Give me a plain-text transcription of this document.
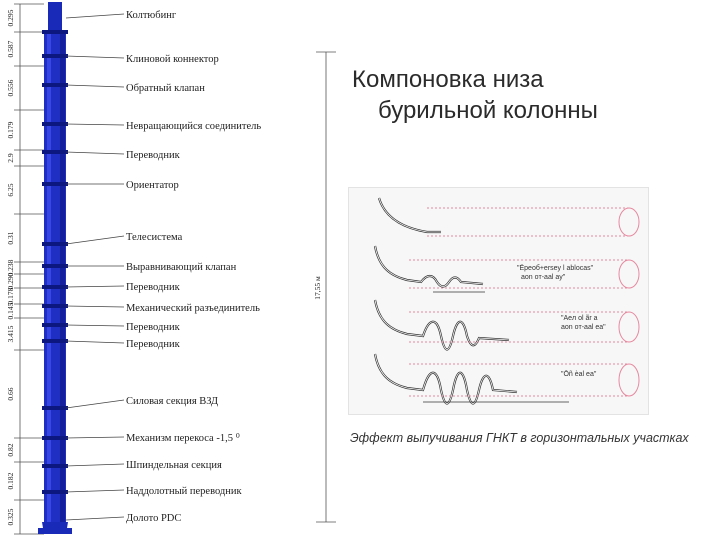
0.295
0.587
0.556
0.179
2.9
6.25
0.31
0.238
0.290
0.178
0.145
3.415
0.66
0.82
0.182
0.325
17,55 м
Колтюбинг
Клиновой коннектор
Обратный клапан
Невращающийся соединитель
Переводник
Ориентатор
Телесистема
Выравнивающий клапан
Переводник
Механический разъединитель
Переводник
Переводник
Силовая секция ВЗД
Механизм перекоса -1,5 ⁰
Шпиндельная секция
Наддолотный переводник
Долото PDC
Компоновка низа
бурильной колонны
"Ёреоб+ersey l ablocas"
aon oт-aal ay"
"Aeл ol ãr a
aon oт-aal ea"
"Ōñ ѐal ea"
Эффект выпучивания ГНКТ в горизонтальных участках
